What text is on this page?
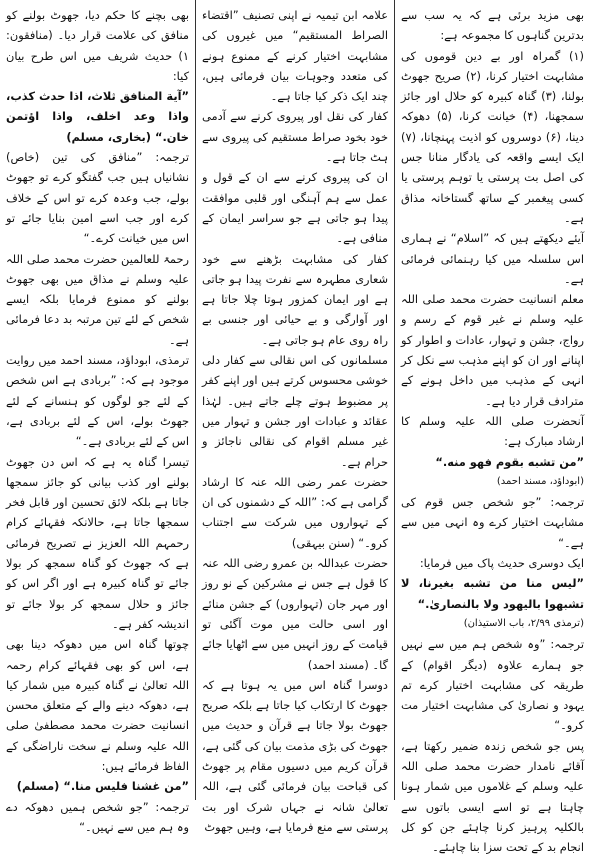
بھی مزید برئی ہے کہ یہ سب سے بدترین گناہوں کا مجموعہ ہے:

(۱) گمراہ اور بے دین قوموں کی مشابہت اختیار کرنا، (۲) صریح جھوٹ بولنا، (۳) گناہ کبیرہ کو حلال اور جائز سمجھنا، (۴) خیانت کرنا، (۵) دھوکہ دینا، (۶) دوسروں کو اذیت پہنچانا، (۷) ایک ایسے واقعہ کی یادگار منانا جس کی اصل بت پرستی یا توہم پرستی یا کسی پیغمبر کے ساتھ گستاخانہ مذاق ہے۔

آیئے دیکھتے ہیں کہ ”اسلام“ نے ہماری اس سلسلہ میں کیا رہنمائی فرمائی ہے۔

معلم انسانیت حضرت محمد صلی اللہ علیہ وسلم نے غیر قوم کے رسم و رواج، جشن و تہوار، عادات و اطوار کو اپنانے اور ان کو اپنے مذہب سے نکل کر انہی کے مذہب میں داخل ہونے کے مترادف قرار دیا ہے۔

آنحضرت صلی اللہ علیہ وسلم کا ارشاد مبارک ہے:

”من تشبه بقوم فهو منه.“

(ابوداؤد، مسند احمد)

ترجمہ: ”جو شخص جس قوم کی مشابہت اختیار کرے وہ انہی میں سے ہے۔“

ایک دوسری حدیث پاک میں فرمایا:

”لیس منا من تشبه بغیرنا، لا تشبهوا بالیهود ولا بالنصاریٰ.“

(ترمذی ۲/۹۹، باب الاستیذان)

ترجمہ: ”وہ شخص ہم میں سے نہیں جو ہمارے علاوہ (دیگر اقوام) کے طریقہ کی مشابہت اختیار کرے تم یہود و نصاریٰ کی مشابہت اختیار مت کرو۔“

پس جو شخص زندہ ضمیر رکھتا ہے، آقائے نامدار حضرت محمد صلی اللہ علیہ وسلم کے غلاموں میں شمار ہونا چاہتا ہے تو اسے ایسی باتوں سے بالکلیہ پرہیز کرنا چاہئے جن کو کل انجام بد کے تحت سزا بنا چاہئے۔

علامہ ابن تیمیہ نے اپنی تصنیف ”اقتضاء الصراط المستقیم“ میں غیروں کی مشابہت اختیار کرنے کے ممنوع ہونے کی متعدد وجوہات بیان فرمائی ہیں، چند ایک ذکر کیا جاتا ہے۔

کفار کی نقل اور پیروی کرنے سے آدمی خود بخود صراط مستقیم کی پیروی سے ہٹ جاتا ہے۔

ان کی پیروی کرنے سے ان کے قول و عمل سے ہم آہنگی اور قلبی موافقت پیدا ہو جاتی ہے جو سراسر ایمان کے منافی ہے۔

کفار کی مشابہت بڑھنے سے خود شعاری مطہرہ سے نفرت پیدا ہو جاتی ہے اور ایمان کمزور ہوتا چلا جاتا ہے اور آوارگی و بے حیائی اور جنسی بے راہ روی عام ہو جاتی ہے۔

مسلمانوں کی اس نقالی سے کفار دلی خوشی محسوس کرتے ہیں اور اپنے کفر پر مضبوط ہوتے چلے جاتے ہیں۔ لہٰذا عقائد و عبادات اور جشن و تہوار میں غیر مسلم اقوام کی نقالی ناجائز و حرام ہے۔

حضرت عمر رضی اللہ عنہ کا ارشاد گرامی ہے کہ: ”اللہ کے دشمنوں کی ان کے تہواروں میں شرکت سے اجتناب کرو۔“ (سنن بیہقی)

حضرت عبداللہ بن عمرو رضی اللہ عنہ کا قول ہے جس نے مشرکین کے نو روز اور مہر جان (تہواروں) کے جشن منائے اور اسی حالت میں موت آگئی تو قیامت کے روز انہیں میں سے اٹھایا جائے گا۔ (مسند احمد)

دوسرا گناہ اس میں یہ ہوتا ہے کہ جھوٹ کا ارتکاب کیا جاتا ہے بلکہ صریح جھوٹ بولا جاتا ہے قرآن و حدیث میں جھوٹ کی بڑی مذمت بیان کی گئی ہے، قرآن کریم میں دسیوں مقام پر جھوٹ کی قباحت بیان فرمائی گئی ہے، اللہ تعالیٰ شانہ نے جہاں شرک اور بت پرستی سے منع فرمایا ہے، وہیں جھوٹ

بھی بچنے کا حکم دیا، جھوٹ بولنے کو منافق کی علامت قرار دیا۔ (منافقون: ۱) حدیث شریف میں اس طرح بیان کیا:

”آیة المنافق ثلاث، اذا حدث کذب، واذا وعد اخلف، واذا اؤتمن خان.“ (بخاری، مسلم)

ترجمہ: ”منافق کی تین (خاص) نشانیاں ہیں جب گفتگو کرے تو جھوٹ بولے، جب وعدہ کرے تو اس کے خلاف کرے اور جب اسے امین بنایا جائے تو اس میں خیانت کرے۔“

رحمۃ للعالمین حضرت محمد صلی اللہ علیہ وسلم نے مذاق میں بھی جھوٹ بولنے کو ممنوع فرمایا بلکہ ایسے شخص کے لئے تین مرتبہ بد دعا فرمائی ہے۔

ترمذی، ابوداؤد، مسند احمد میں روایت موجود ہے کہ: ”بربادی ہے اس شخص کے لئے جو لوگوں کو ہنسانے کے لئے جھوٹ بولے، اس کے لئے بربادی ہے، اس کے لئے بربادی ہے۔“

تیسرا گناہ یہ ہے کہ اس دن جھوٹ بولنے اور کذب بیانی کو جائز سمجھا جاتا ہے بلکہ لائق تحسین اور قابل فخر سمجھا جاتا ہے، حالانکہ فقہائے کرام رحمہم اللہ العزیز نے تصریح فرمائی ہے کہ جھوٹ کو گناہ سمجھ کر بولا جائے تو گناہ کبیرہ ہے اور اگر اس کو جائز و حلال سمجھ کر بولا جائے تو اندیشہ کفر ہے۔

چوتھا گناہ اس میں دھوکہ دینا بھی ہے، اس کو بھی فقہائے کرام رحمہ اللہ تعالیٰ نے گناہ کبیرہ میں شمار کیا ہے، دھوکہ دینے والے کے متعلق محسن انسانیت حضرت محمد مصطفیٰ صلی اللہ علیہ وسلم نے سخت ناراضگی کے الفاظ فرمائے ہیں:

”من غشنا فلیس منا.“ (مسلم)

ترجمہ: ”جو شخص ہمیں دھوکہ دے وہ ہم میں سے نہیں۔“
